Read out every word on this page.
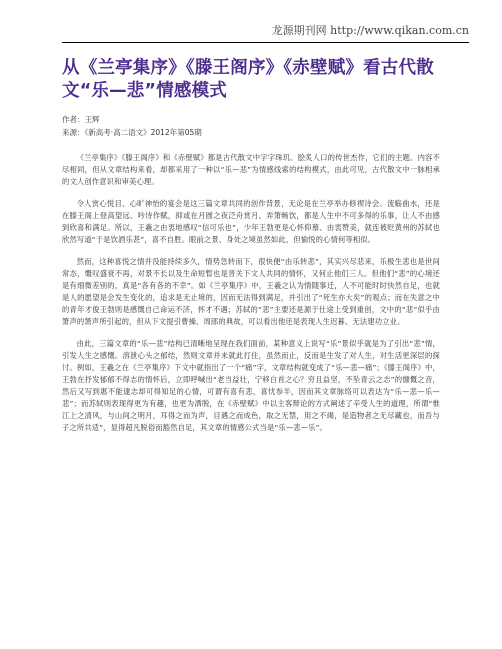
龙源期刊网 http://www.qikan.com.cn
从《兰亭集序》《滕王阁序》《赤壁赋》看古代散文“乐—悲”情感模式
作者：王辉
来源：《新高考·高二语文》2012年第05期

《兰亭集序》《滕王阁序》和《赤壁赋》都是古代散文中字字珠玑、脍炙人口的传世杰作，它们的主题、内容不尽相同，但从文章结构来看，却都采用了一种以“乐—悲”为情感线索的结构模式，由此可见，古代散文中一脉相承的文人创作意识和审美心理。

令人赏心悦目、心旷神怡的宴会是这三篇文章共同的创作背景，无论是在兰亭举办修禊诗会、流觞曲水，还是在滕王阁上登高望远、吟诗作赋，抑或在月圆之夜泛舟赏月、弄箫畅饮，都是人生中不可多得的乐事，让人不由感到欣喜和满足。所以，王羲之由衷地感叹“信可乐也”，少年王勃更是心怀仰慕、由衷赞美，就连被贬黄州的苏轼也欣然写道“于是饮酒乐甚”，喜不自胜。眼前之景、身处之境虽然如此，但愉悦的心情何等相似。

然而，这种喜悦之情并没能持续多久，情势急转而下，很快便“由乐转悲”，其实兴尽悲来，乐极生悲也是世间常态，慨叹盛衰不再，对景不长以及生命短暂也是晋关下文人共同的情怀，又何止他们三人。但他们“悲”的心境还是有细微差别的，真是“各有各的不幸”。如《兰亭集序》中，王羲之认为情随事迁，人不可能时时快然自足，也就是人的愿望是会发生变化的，追求是无止境的，因而无法得到满足，并引出了“死生亦大矣”的观点；而在失意之中的青年才俊王勃则是感慨自己命运不济，怀才不遇；苏轼的“悲”主要还是源于仕途上受到重创，文中的“悲”似乎由箫声的箫声所引起的，但从下文提引曹操、周郎的典故，可以看出他还是表现人生迟暮、无法建功立业。

由此，三篇文章的“乐—悲”结构已清晰地呈现在我们面前，某种意义上说写“乐”景似乎就是为了引出“悲”情，引发人生之感慨。溶泄心头之郁结，然则文章并未就此打住，虽然而止，反而是生发了对人生，对生活更深层的探讨。例如，王羲之在《兰亭集序》下文中就指出了一个“痛”字，文章结构就变成了“乐—悲—痛”；《滕王阁序》中，王勃在抒发郁郁不得志的情怀后，立即呼喊出“老当益壮，宁移白首之心？穷且益坚，不坠青云之志”的慷慨之音，然后又写到惠不能逮志却可得知足的心情，可谓有喜有悲，喜忧参半，因而其文章脉络可以表达为“乐—悲—乐—悲”；而苏轼则表现得更为有趣，也更为洒脱，在《赤壁赋》中以主客辩论的方式阐述了辛受人生的道理，所谓“惟江上之清风，与山间之明月，耳得之而为声，目遇之而成色，取之无禁，用之不竭，是造物者之无尽藏也，而吾与子之所共适”，显得超凡脱俗而豁然自足，其文章的情感公式当是“乐—悲—乐”。
